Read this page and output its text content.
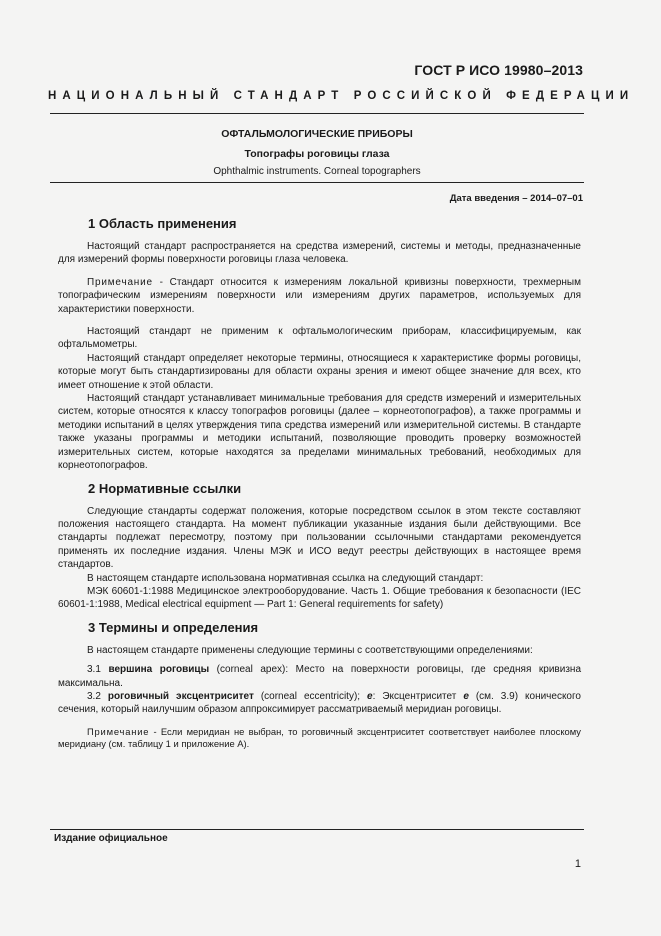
ГОСТ Р ИСО 19980–2013
НАЦИОНАЛЬНЫЙ СТАНДАРТ РОССИЙСКОЙ ФЕДЕРАЦИИ
ОФТАЛЬМОЛОГИЧЕСКИЕ ПРИБОРЫ
Топографы роговицы глаза
Ophthalmic instruments. Corneal topographers
Дата введения – 2014–07–01
1 Область применения

Настоящий стандарт распространяется на средства измерений, системы и методы, предназначенные для измерений формы поверхности роговицы глаза человека.

Примечание - Стандарт относится к измерениям локальной кривизны поверхности, трехмерным топографическим измерениям поверхности или измерениям других параметров, используемых для характеристики поверхности.

Настоящий стандарт не применим к офтальмологическим приборам, классифицируемым, как офтальмометры.

Настоящий стандарт определяет некоторые термины, относящиеся к характеристике формы роговицы, которые могут быть стандартизированы для области охраны зрения и имеют общее значение для всех, кто имеет отношение к этой области.

Настоящий стандарт устанавливает минимальные требования для средств измерений и измерительных систем, которые относятся к классу топографов роговицы (далее – корнеотопографов), а также программы и методики испытаний в целях утверждения типа средства измерений или измерительной системы. В стандарте также указаны программы и методики испытаний, позволяющие проводить проверку возможностей измерительных систем, которые находятся за пределами минимальных требований, необходимых для корнеотопографов.

2 Нормативные ссылки

Следующие стандарты содержат положения, которые посредством ссылок в этом тексте составляют положения настоящего стандарта. На момент публикации указанные издания были действующими. Все стандарты подлежат пересмотру, поэтому при пользовании ссылочными стандартами рекомендуется применять их последние издания. Члены МЭК и ИСО ведут реестры действующих в настоящее время стандартов.

В настоящем стандарте использована нормативная ссылка на следующий стандарт:

МЭК 60601-1:1988 Медицинское электрооборудование. Часть 1. Общие требования к безопасности (IEC 60601-1:1988, Medical electrical equipment — Part 1: General requirements for safety)

3 Термины и определения

В настоящем стандарте применены следующие термины с соответствующими определениями:

3.1 вершина роговицы (corneal apex): Место на поверхности роговицы, где средняя кривизна максимальна.

3.2 роговичный эксцентриситет (corneal eccentricity); e: Эксцентриситет e (см. 3.9) конического сечения, который наилучшим образом аппроксимирует рассматриваемый меридиан роговицы.

Примечание - Если меридиан не выбран, то роговичный эксцентриситет соответствует наиболее плоскому меридиану (см. таблицу 1 и приложение А).

Издание официальное
1
